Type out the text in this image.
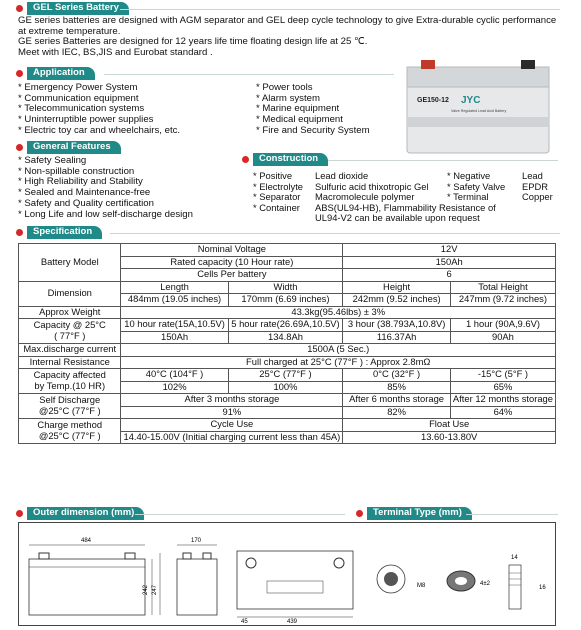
GEL Series Battery
GE series batteries are designed with AGM separator and GEL deep cycle technology to give Extra-durable cyclic performance
at extreme temperature.
GE series Batteries are designed for 12 years life time floating design life at 25 ℃.
Meet with IEC, BS,JIS and Eurobat standard .
Application
* Emergency Power System
* Communication equipment
* Telecommunication systems
* Uninterruptible power supplies
* Electric toy car and wheelchairs, etc.
* Power tools
* Alarm system
* Marine equipment
* Medical equipment
* Fire and Security System
GE150-12 JYC
Valve Regulated Lead Acid Battery
General Features
* Safety Sealing
* Non-spillable construction
* High Reliability and Stability
* Sealed and Maintenance-free
* Safety and Quality certification
* Long Life and low self-discharge design
Construction
* Positive	Lead dioxide	* Negative	Lead
* Electrolyte	Sulfuric acid thixotropic Gel	* Safety Valve	EPDR
* Separator	Macromolecule polymer	* Terminal	Copper
* Container	ABS(UL94-HB), Flammability Resistance of
UL94-V2 can be available upon request
Specification
Battery Model	Nominal Voltage		12V	
	Rated capacity (10 Hour rate)		150Ah	
	Cells Per battery		6	
Dimension	Length	Width	Height	Total Height
	484mm (19.05 inches)	170mm (6.69 inches)	242mm (9.52 inches)	247mm (9.72 inches)
Approx Weight	43.3kg(95.46lbs) ± 3%			

Capacity @ 25°C
( 77°F )	10 hour rate(15A,10.5V)	5 hour rate(26.69A,10.5V)	3 hour (38.793A,10.8V)	1 hour (90A,9.6V)
	150Ah	134.8Ah	116.37Ah	90Ah
Max.discharge current	1500A (5 Sec.)			
Internal Resistance	Full charged at 25°C (77°F ) : Approx 2.8mΩ			

Capacity affected
by Temp.(10 HR)	40°C (104°F )	25°C (77°F )	0°C (32°F )	-15°C (5°F )
	102%	100%	85%	65%

Self Discharge
@25°C (77°F )	After 3 months storage		After 6 months storage	After 12 months storage
	91%		82%	64%

Charge method
@25°C (77°F )	Cycle Use		Float Use	
	14.40-15.00V (Initial charging current less than 45A)		13.60-13.80V	
Outer dimension (mm)	Terminal Type (mm)
484
242 247
170
45	439
M8	4±2
14
16
